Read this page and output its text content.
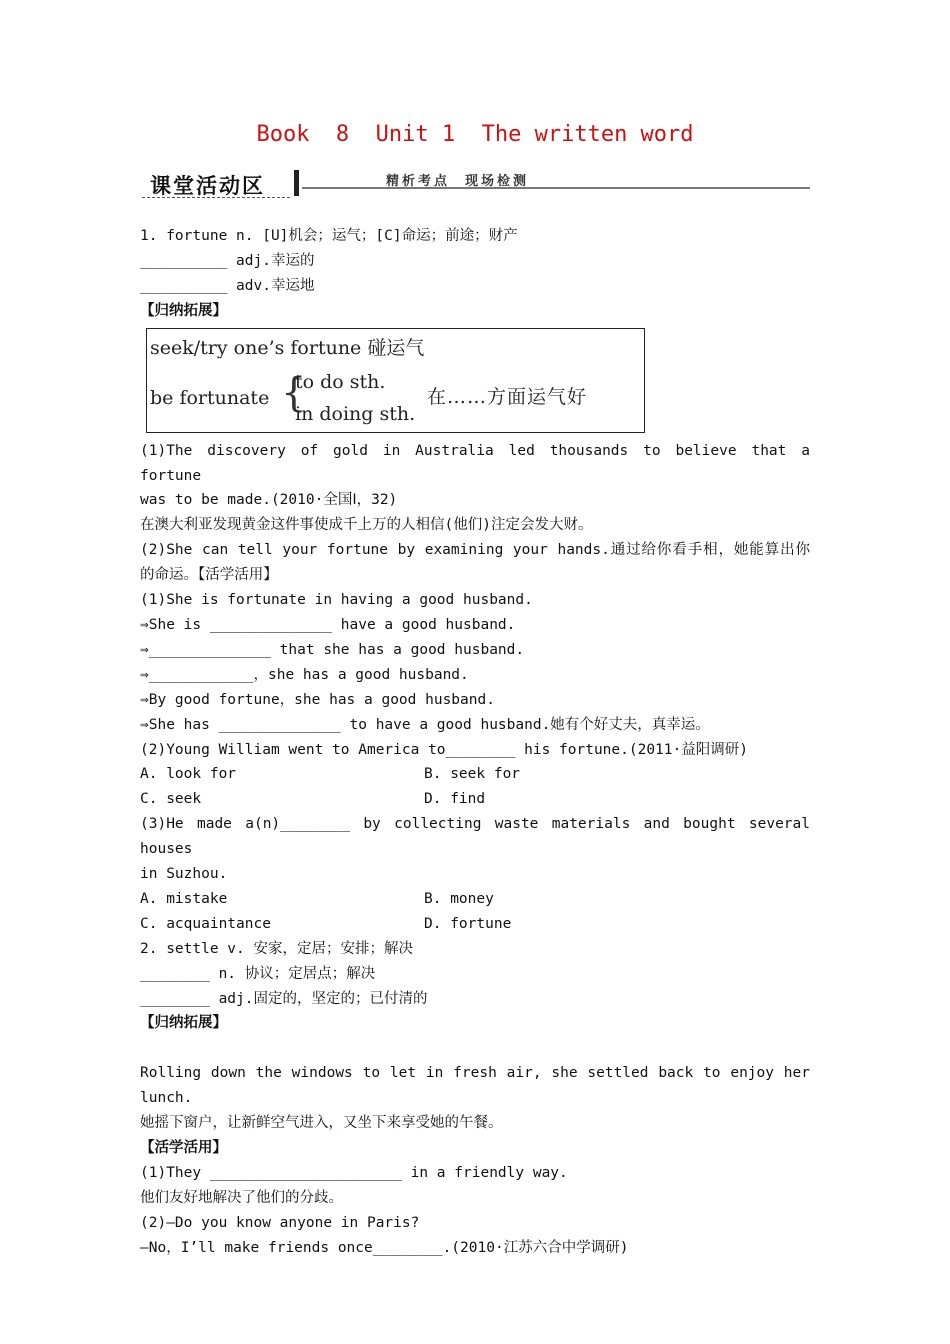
Book  8  Unit 1  The written word
课堂活动区	精析考点  现场检测

1. fortune n. [U]机会；运气；[C]命运；前途；财产

__________ adj.幸运的

__________ adv.幸运地

【归纳拓展】

seek/try one’s fortune 碰运气
be fortunate {
to do sth.
in doing sth.
在……方面运气好

(1)The discovery of gold in Australia led thousands to believe that a fortune

was to be made.(2010·全国Ⅰ，32)

在澳大利亚发现黄金这件事使成千上万的人相信(他们)注定会发大财。

(2)She can tell your fortune by examining your hands.通过给你看手相，她能算出你

的命运。【活学活用】

(1)She is fortunate in having a good husband.

⇒She is ______________ have a good husband.

⇒______________ that she has a good husband.

⇒____________，she has a good husband.

⇒By good fortune，she has a good husband.

⇒She has ______________ to have a good husband.她有个好丈夫，真幸运。

(2)Young William went to America to________ his fortune.(2011·益阳调研)

A. look for	B. seek for
C. seek	D. find

(3)He made a(n)________ by collecting waste materials and bought several houses

in Suzhou.

A. mistake	B. money
C. acquaintance	D. fortune

2. settle v. 安家，定居；安排；解决

________ n. 协议；定居点；解决

________ adj.固定的，坚定的；已付清的

【归纳拓展】

Rolling down the windows to let in fresh air, she settled back to enjoy her

lunch.

她摇下窗户，让新鲜空气进入，又坐下来享受她的午餐。

【活学活用】

(1)They ______________________ in a friendly way.

他们友好地解决了他们的分歧。

(2)—Do you know anyone in Paris?

—No，I’ll make friends once________.(2010·江苏六合中学调研)
